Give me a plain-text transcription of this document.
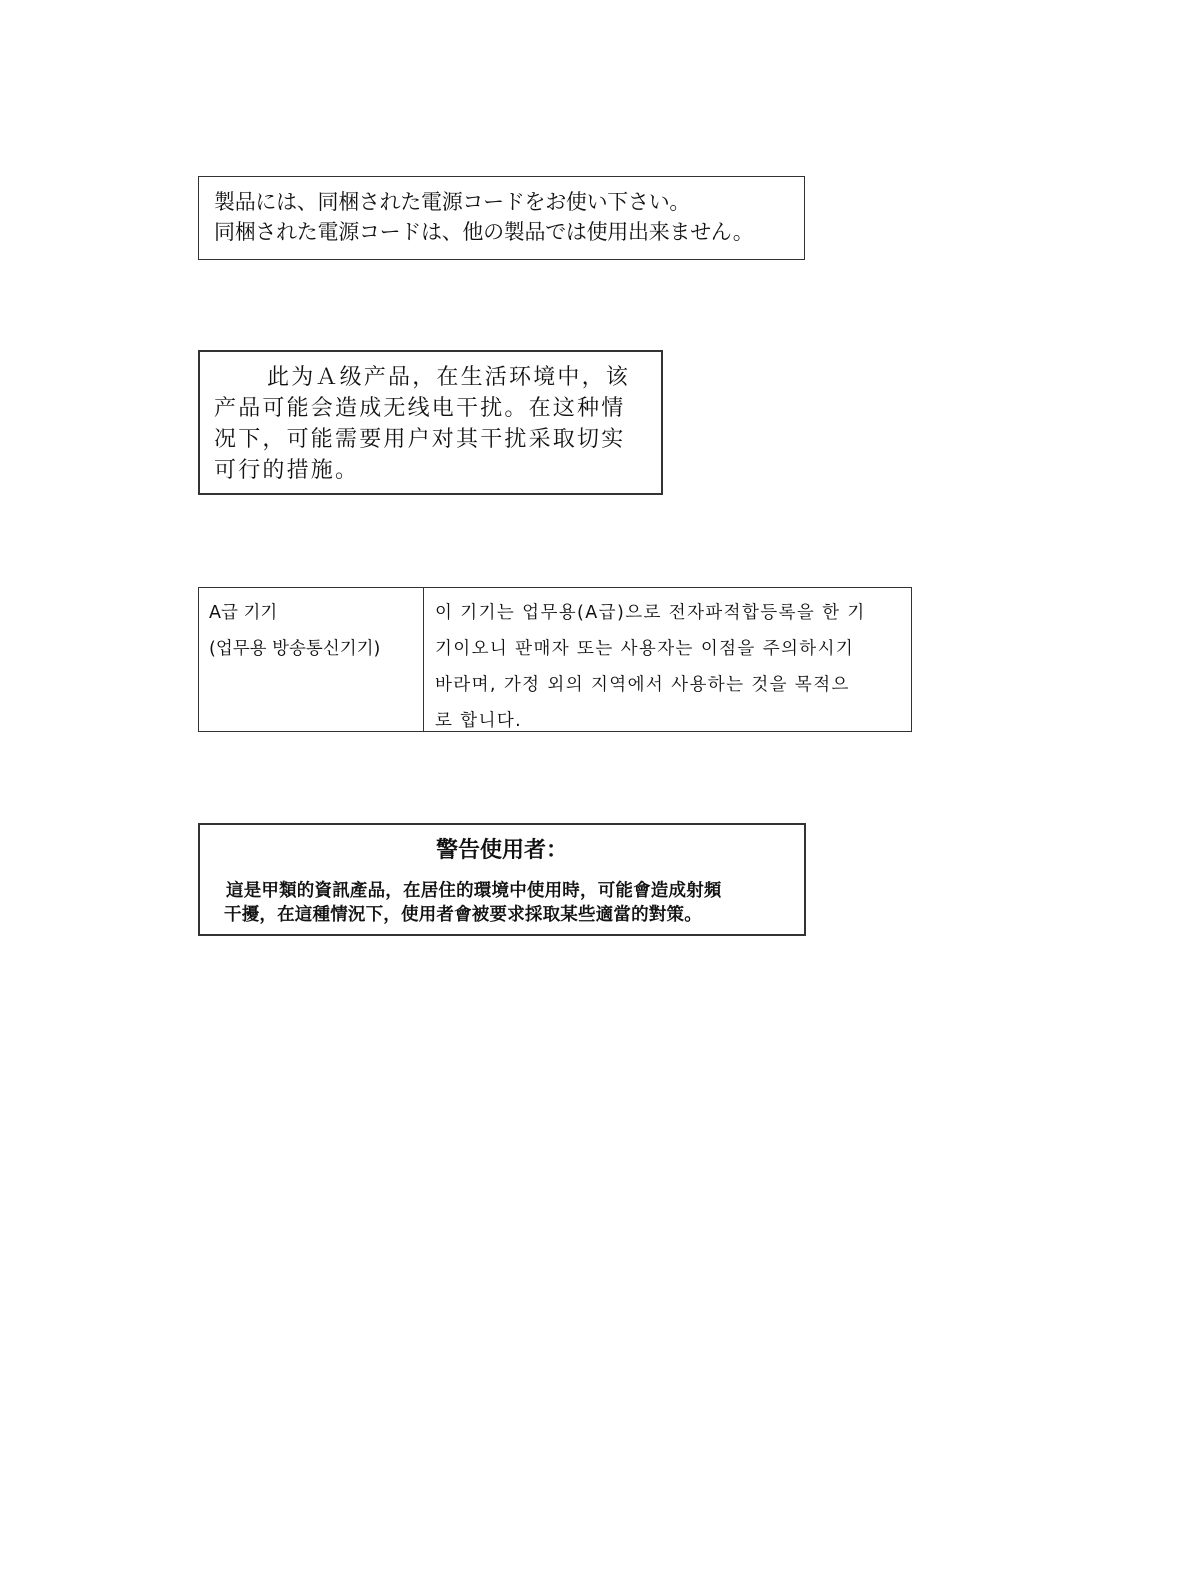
製品には、同梱された電源コードをお使い下さい。
同梱された電源コードは、他の製品では使用出来ません。
此为Ａ级产品，在生活环境中，该
产品可能会造成无线电干扰。在这种情
况下，可能需要用户对其干扰采取切实
可行的措施。
A급 기기
(업무용 방송통신기기)
이 기기는 업무용(A급)으로 전자파적합등록을 한 기
기이오니 판매자 또는 사용자는 이점을 주의하시기
바라며, 가정 외의 지역에서 사용하는 것을 목적으
로 합니다.
警告使用者：
這是甲類的資訊產品，在居住的環境中使用時，可能會造成射頻
干擾，在這種情況下，使用者會被要求採取某些適當的對策。
